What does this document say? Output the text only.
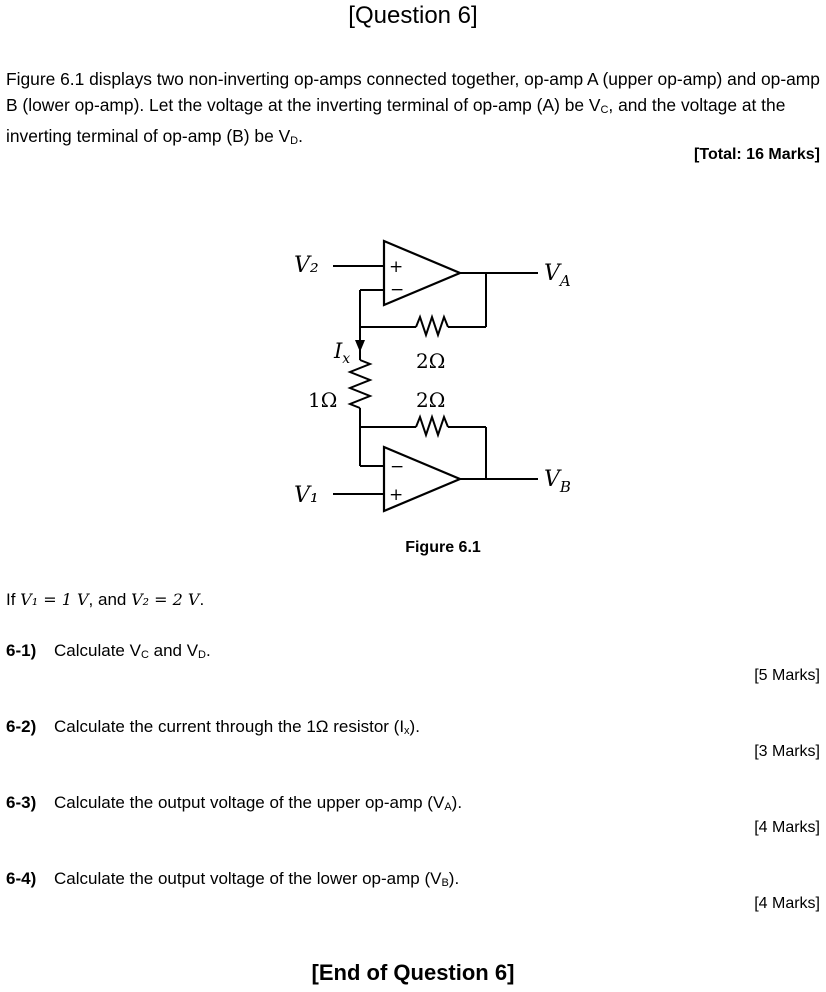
[Question 6]
Figure 6.1 displays two non-inverting op-amps connected together, op-amp A (upper op-amp) and op-amp B (lower op-amp). Let the voltage at the inverting terminal of op-amp (A) be $V_C$, and the voltage at the inverting terminal of op-amp (B) be $V_D$.
[Total: 16 Marks]
V₂
V₁
$V_A$
$V_B$
$I_x$	2Ω
2Ω
1Ω
+
−
−
+
Figure 6.1
If V₁ = 1 V, and V₂ = 2 V.
6-1) Calculate $V_C$ and $V_D$.
[5 Marks]
6-2) Calculate the current through the 1Ω resistor $(I_x)$.
[3 Marks]
6-3) Calculate the output voltage of the upper op-amp $(V_A)$.
[4 Marks]
6-4) Calculate the output voltage of the lower op-amp $(V_B)$.
[4 Marks]
[End of Question 6]
